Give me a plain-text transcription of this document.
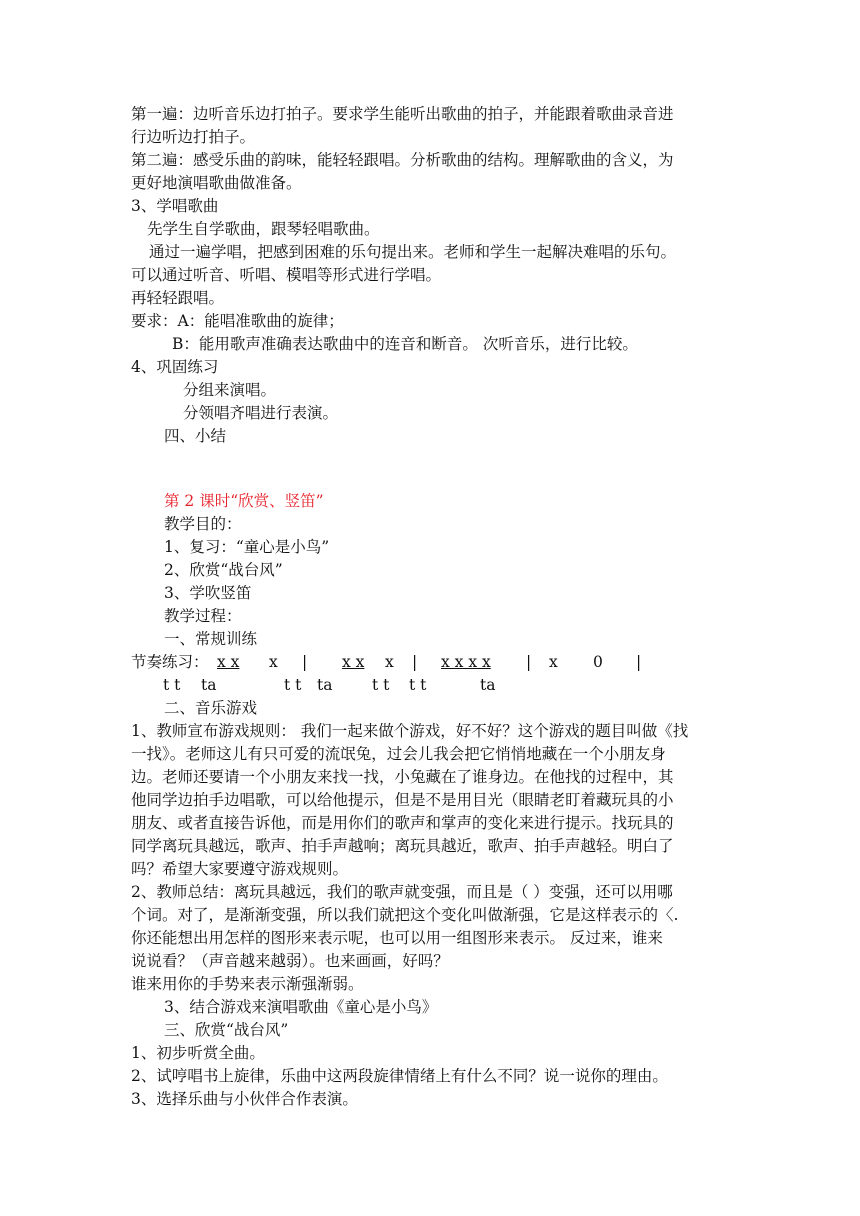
第一遍：边听音乐边打拍子。要求学生能听出歌曲的拍子，并能跟着歌曲录音进
行边听边打拍子。
第二遍：感受乐曲的韵味，能轻轻跟唱。分析歌曲的结构。理解歌曲的含义，为
更好地演唱歌曲做准备。
3、学唱歌曲
先学生自学歌曲，跟琴轻唱歌曲。
通过一遍学唱，把感到困难的乐句提出来。老师和学生一起解决难唱的乐句。
可以通过听音、听唱、模唱等形式进行学唱。
再轻轻跟唱。
要求：A：能唱准歌曲的旋律；
B：能用歌声准确表达歌曲中的连音和断音。 次听音乐，进行比较。
4、巩固练习
分组来演唱。
分领唱齐唱进行表演。
四、小结
第 2 课时“欣赏、竖笛”
教学目的：
1、复习：“童心是小鸟”
2、欣赏“战台风”
3、学吹竖笛
教学过程：
一、常规训练
节奏练习： x x x | x x x | x x x x | x 0 |
t t ta	t t ta	t t t t	ta
二、音乐游戏
1、教师宣布游戏规则： 我们一起来做个游戏，好不好？这个游戏的题目叫做《找
一找》。老师这儿有只可爱的流氓兔，过会儿我会把它悄悄地藏在一个小朋友身
边。老师还要请一个小朋友来找一找，小兔藏在了谁身边。在他找的过程中，其
他同学边拍手边唱歌，可以给他提示，但是不是用目光（眼睛老盯着藏玩具的小
朋友、或者直接告诉他，而是用你们的歌声和掌声的变化来进行提示。找玩具的
同学离玩具越远，歌声、拍手声越响；离玩具越近，歌声、拍手声越轻。明白了
吗？希望大家要遵守游戏规则。
2、教师总结：离玩具越远，我们的歌声就变强，而且是（ ）变强，还可以用哪
个词。对了，是渐渐变强，所以我们就把这个变化叫做渐强，它是这样表示的〈.
你还能想出用怎样的图形来表示呢，也可以用一组图形来表示。 反过来，谁来
说说看？（声音越来越弱）。也来画画，好吗？
谁来用你的手势来表示渐强渐弱。
3、结合游戏来演唱歌曲《童心是小鸟》
三、欣赏“战台风”
1、初步听赏全曲。
2、试哼唱书上旋律，乐曲中这两段旋律情绪上有什么不同？说一说你的理由。
3、选择乐曲与小伙伴合作表演。
